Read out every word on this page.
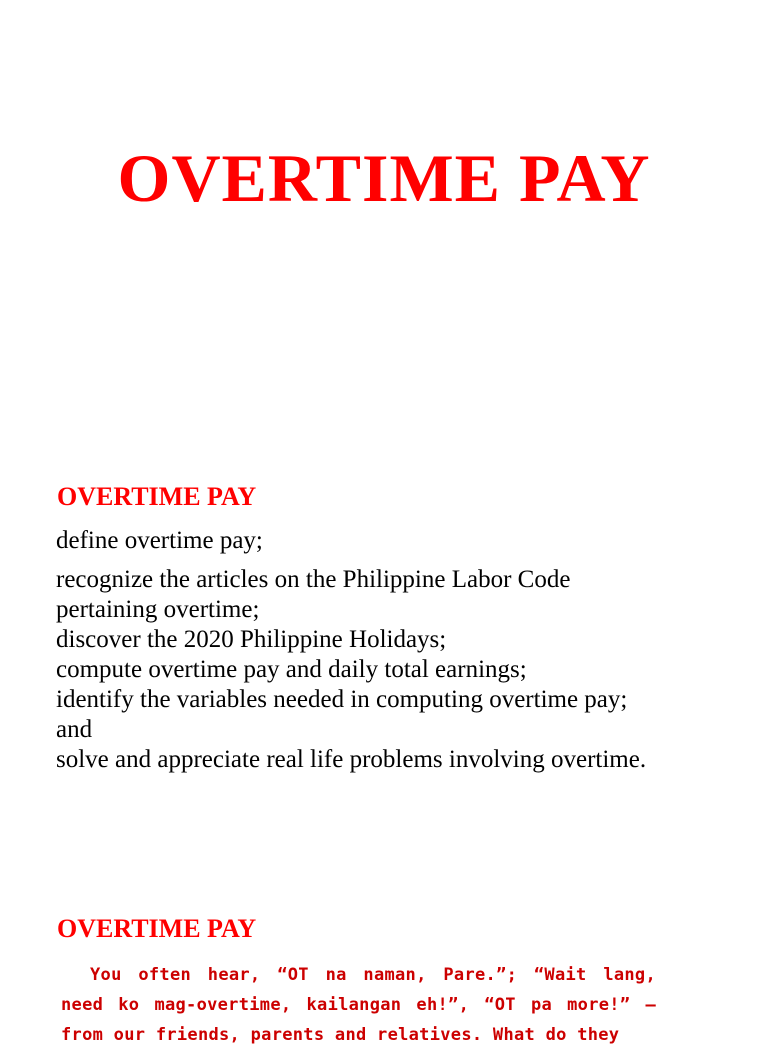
OVERTIME PAY
OVERTIME PAY

define overtime pay;

recognize the articles on the Philippine Labor Code pertaining overtime;

discover the 2020 Philippine Holidays;

compute overtime pay and daily total earnings;

identify the variables needed in computing overtime pay; and

solve and appreciate real life problems involving overtime.

OVERTIME PAY

You often hear, “OT na naman, Pare.”; “Wait lang, need ko mag-overtime, kailangan eh!”, “OT pa more!” – from our friends, parents and relatives. What do they
